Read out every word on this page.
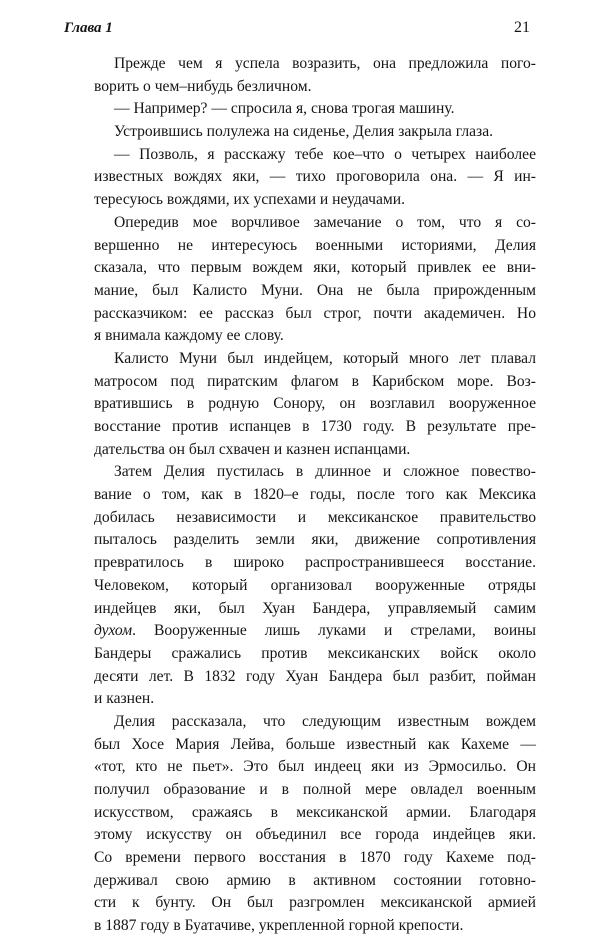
Глава 1	21
Прежде чем я успела возразить, она предложила пого-
ворить о чем–нибудь безличном.
— Например? — спросила я, снова трогая машину.
Устроившись полулежа на сиденье, Делия закрыла глаза.
— Позволь, я расскажу тебе кое–что о четырех наиболее
известных вождях яки, — тихо проговорила она. — Я ин-
тересуюсь вождями, их успехами и неудачами.
Опередив мое ворчливое замечание о том, что я со-
вершенно не интересуюсь военными историями, Делия
сказала, что первым вождем яки, который привлек ее вни-
мание, был Калисто Муни. Она не была прирожденным
рассказчиком: ее рассказ был строг, почти академичен. Но
я внимала каждому ее слову.
Калисто Муни был индейцем, который много лет плавал
матросом под пиратским флагом в Карибском море. Воз-
вратившись в родную Сонору, он возглавил вооруженное
восстание против испанцев в 1730 году. В результате пре-
дательства он был схвачен и казнен испанцами.
Затем Делия пустилась в длинное и сложное повество-
вание о том, как в 1820–е годы, после того как Мексика
добилась независимости и мексиканское правительство
пыталось разделить земли яки, движение сопротивления
превратилось в широко распространившееся восстание.
Человеком, который организовал вооруженные отряды
индейцев яки, был Хуан Бандера, управляемый самим
духом. Вооруженные лишь луками и стрелами, воины
Бандеры сражались против мексиканских войск около
десяти лет. В 1832 году Хуан Бандера был разбит, пойман
и казнен.
Делия рассказала, что следующим известным вождем
был Хосе Мария Лейва, больше известный как Кахеме —
«тот, кто не пьет». Это был индеец яки из Эрмосильо. Он
получил образование и в полной мере овладел военным
искусством, сражаясь в мексиканской армии. Благодаря
этому искусству он объединил все города индейцев яки.
Со времени первого восстания в 1870 году Кахеме под-
держивал свою армию в активном состоянии готовно-
сти к бунту. Он был разгромлен мексиканской армией
в 1887 году в Буатачиве, укрепленной горной крепости.
